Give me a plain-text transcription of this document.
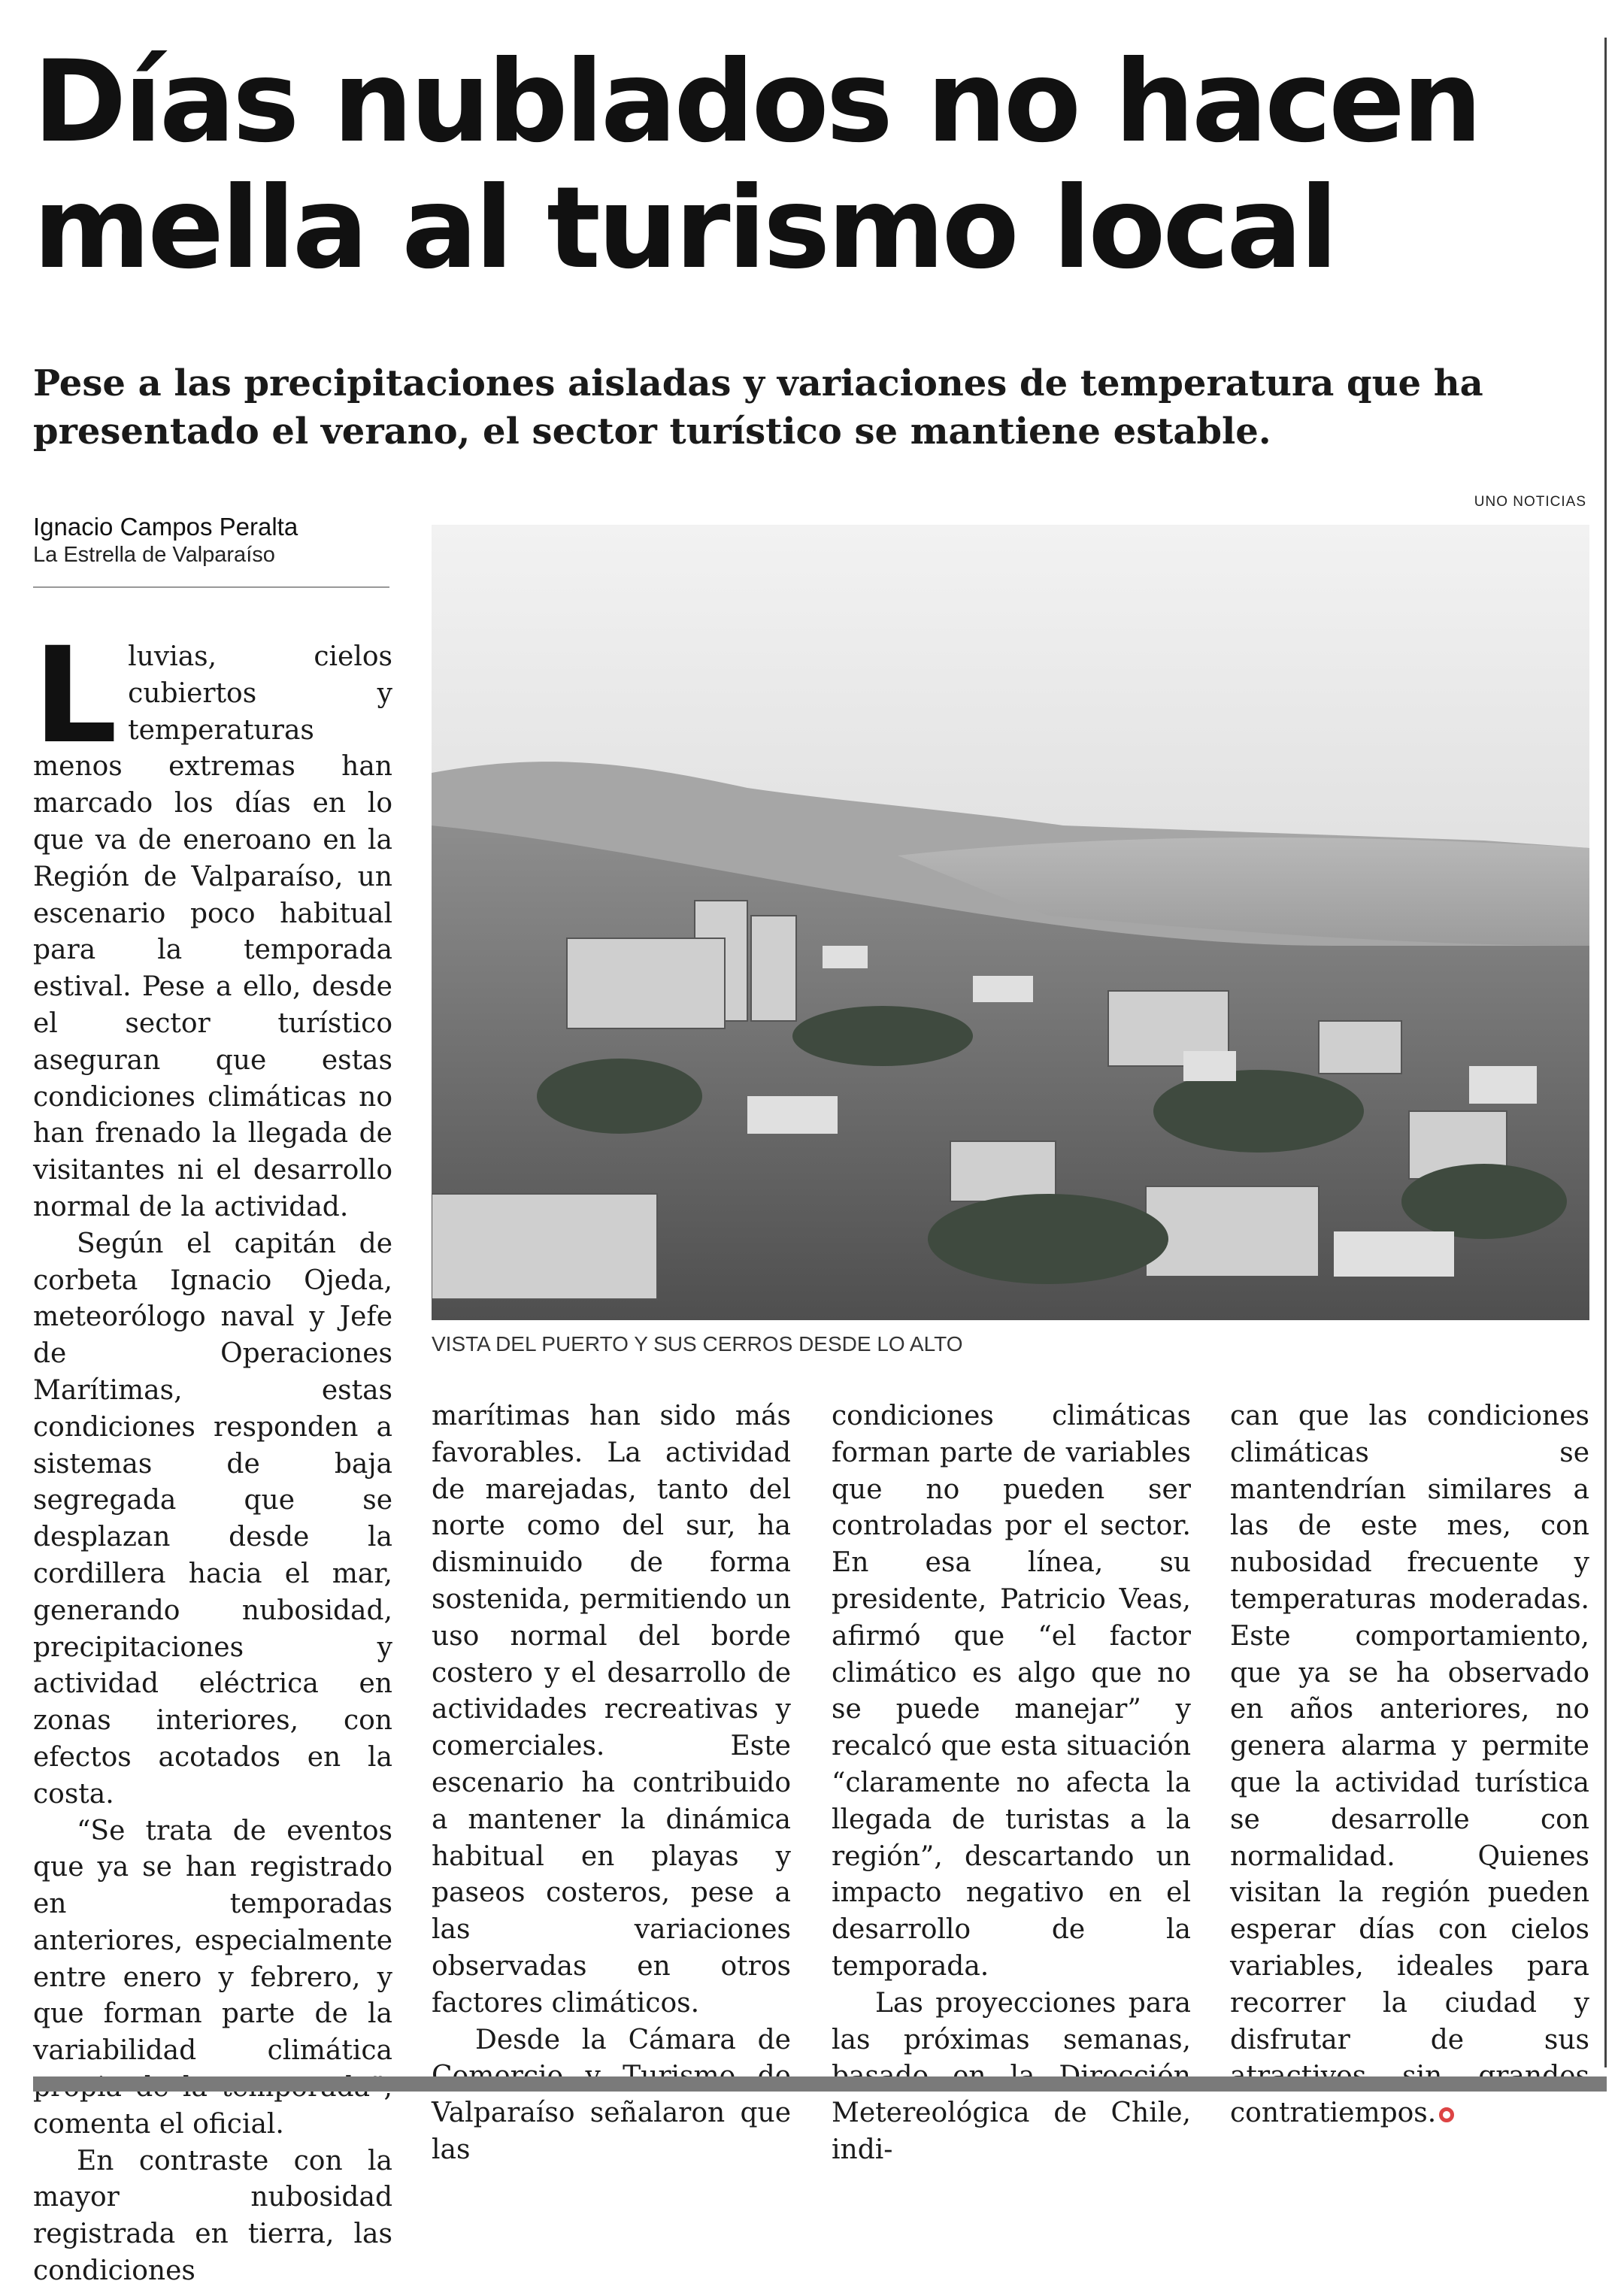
Días nublados no hacen mella al turismo local
Pese a las precipitaciones aisladas y variaciones de temperatura que ha presentado el verano, el sector turístico se mantiene estable.
Ignacio Campos Peralta
La Estrella de Valparaíso
UNO NOTICIAS
VISTA DEL PUERTO Y SUS CERROS DESDE LO ALTO

Lluvias, cielos cubiertos y temperaturas menos extremas han marcado los días en lo que va de eneroano en la Región de Valparaíso, un escenario poco habitual para la temporada estival. Pese a ello, desde el sector turístico aseguran que estas condiciones climáticas no han frenado la llegada de visitantes ni el desarrollo normal de la actividad.

Según el capitán de corbeta Ignacio Ojeda, meteorólogo naval y Jefe de Operaciones Marítimas, estas condiciones responden a sistemas de baja segregada que se desplazan desde la cordillera hacia el mar, generando nubosidad, precipitaciones y actividad eléctrica en zonas interiores, con efectos acotados en la costa.

“Se trata de eventos que ya se han registrado en temporadas anteriores, especialmente entre enero y febrero, y que forman parte de la variabilidad climática comenta el oficial.

En contraste con la mayor nubosidad registrada en tierra, las condiciones

marítimas han sido más favorables. La actividad de marejadas, tanto del norte como del sur, ha disminuido de forma sostenida, permitiendo un uso normal del borde costero y el desarrollo de actividades recreativas y comerciales. Este escenario ha contribuido a mantener la dinámica habitual en playas y paseos costeros, pese a las variaciones observadas en otros factores climáticos.

Desde la Cámara de Valparaíso señalaron que las

condiciones climáticas forman parte de variables que no pueden ser controladas por el sector. En esa línea, su presidente, Patricio Veas, afirmó que “el factor climático es algo que no se puede manejar” y recalcó que esta situación “claramente no afecta la llegada de turistas a la región”, descartando un impacto negativo en el desarrollo de la temporada.

Las proyecciones para las próximas semanas, Metereológica de Chile, indi-

can que las condiciones climáticas se mantendrían similares a las de este mes, con nubosidad frecuente y temperaturas moderadas. Este comportamiento, que ya se ha observado en años anteriores, no genera alarma y permite que la actividad turística se desarrolle con normalidad. Quienes visitan la región pueden esperar días con cielos variables, ideales para recorrer la ciudad y disfrutar de sus contratiempos.
